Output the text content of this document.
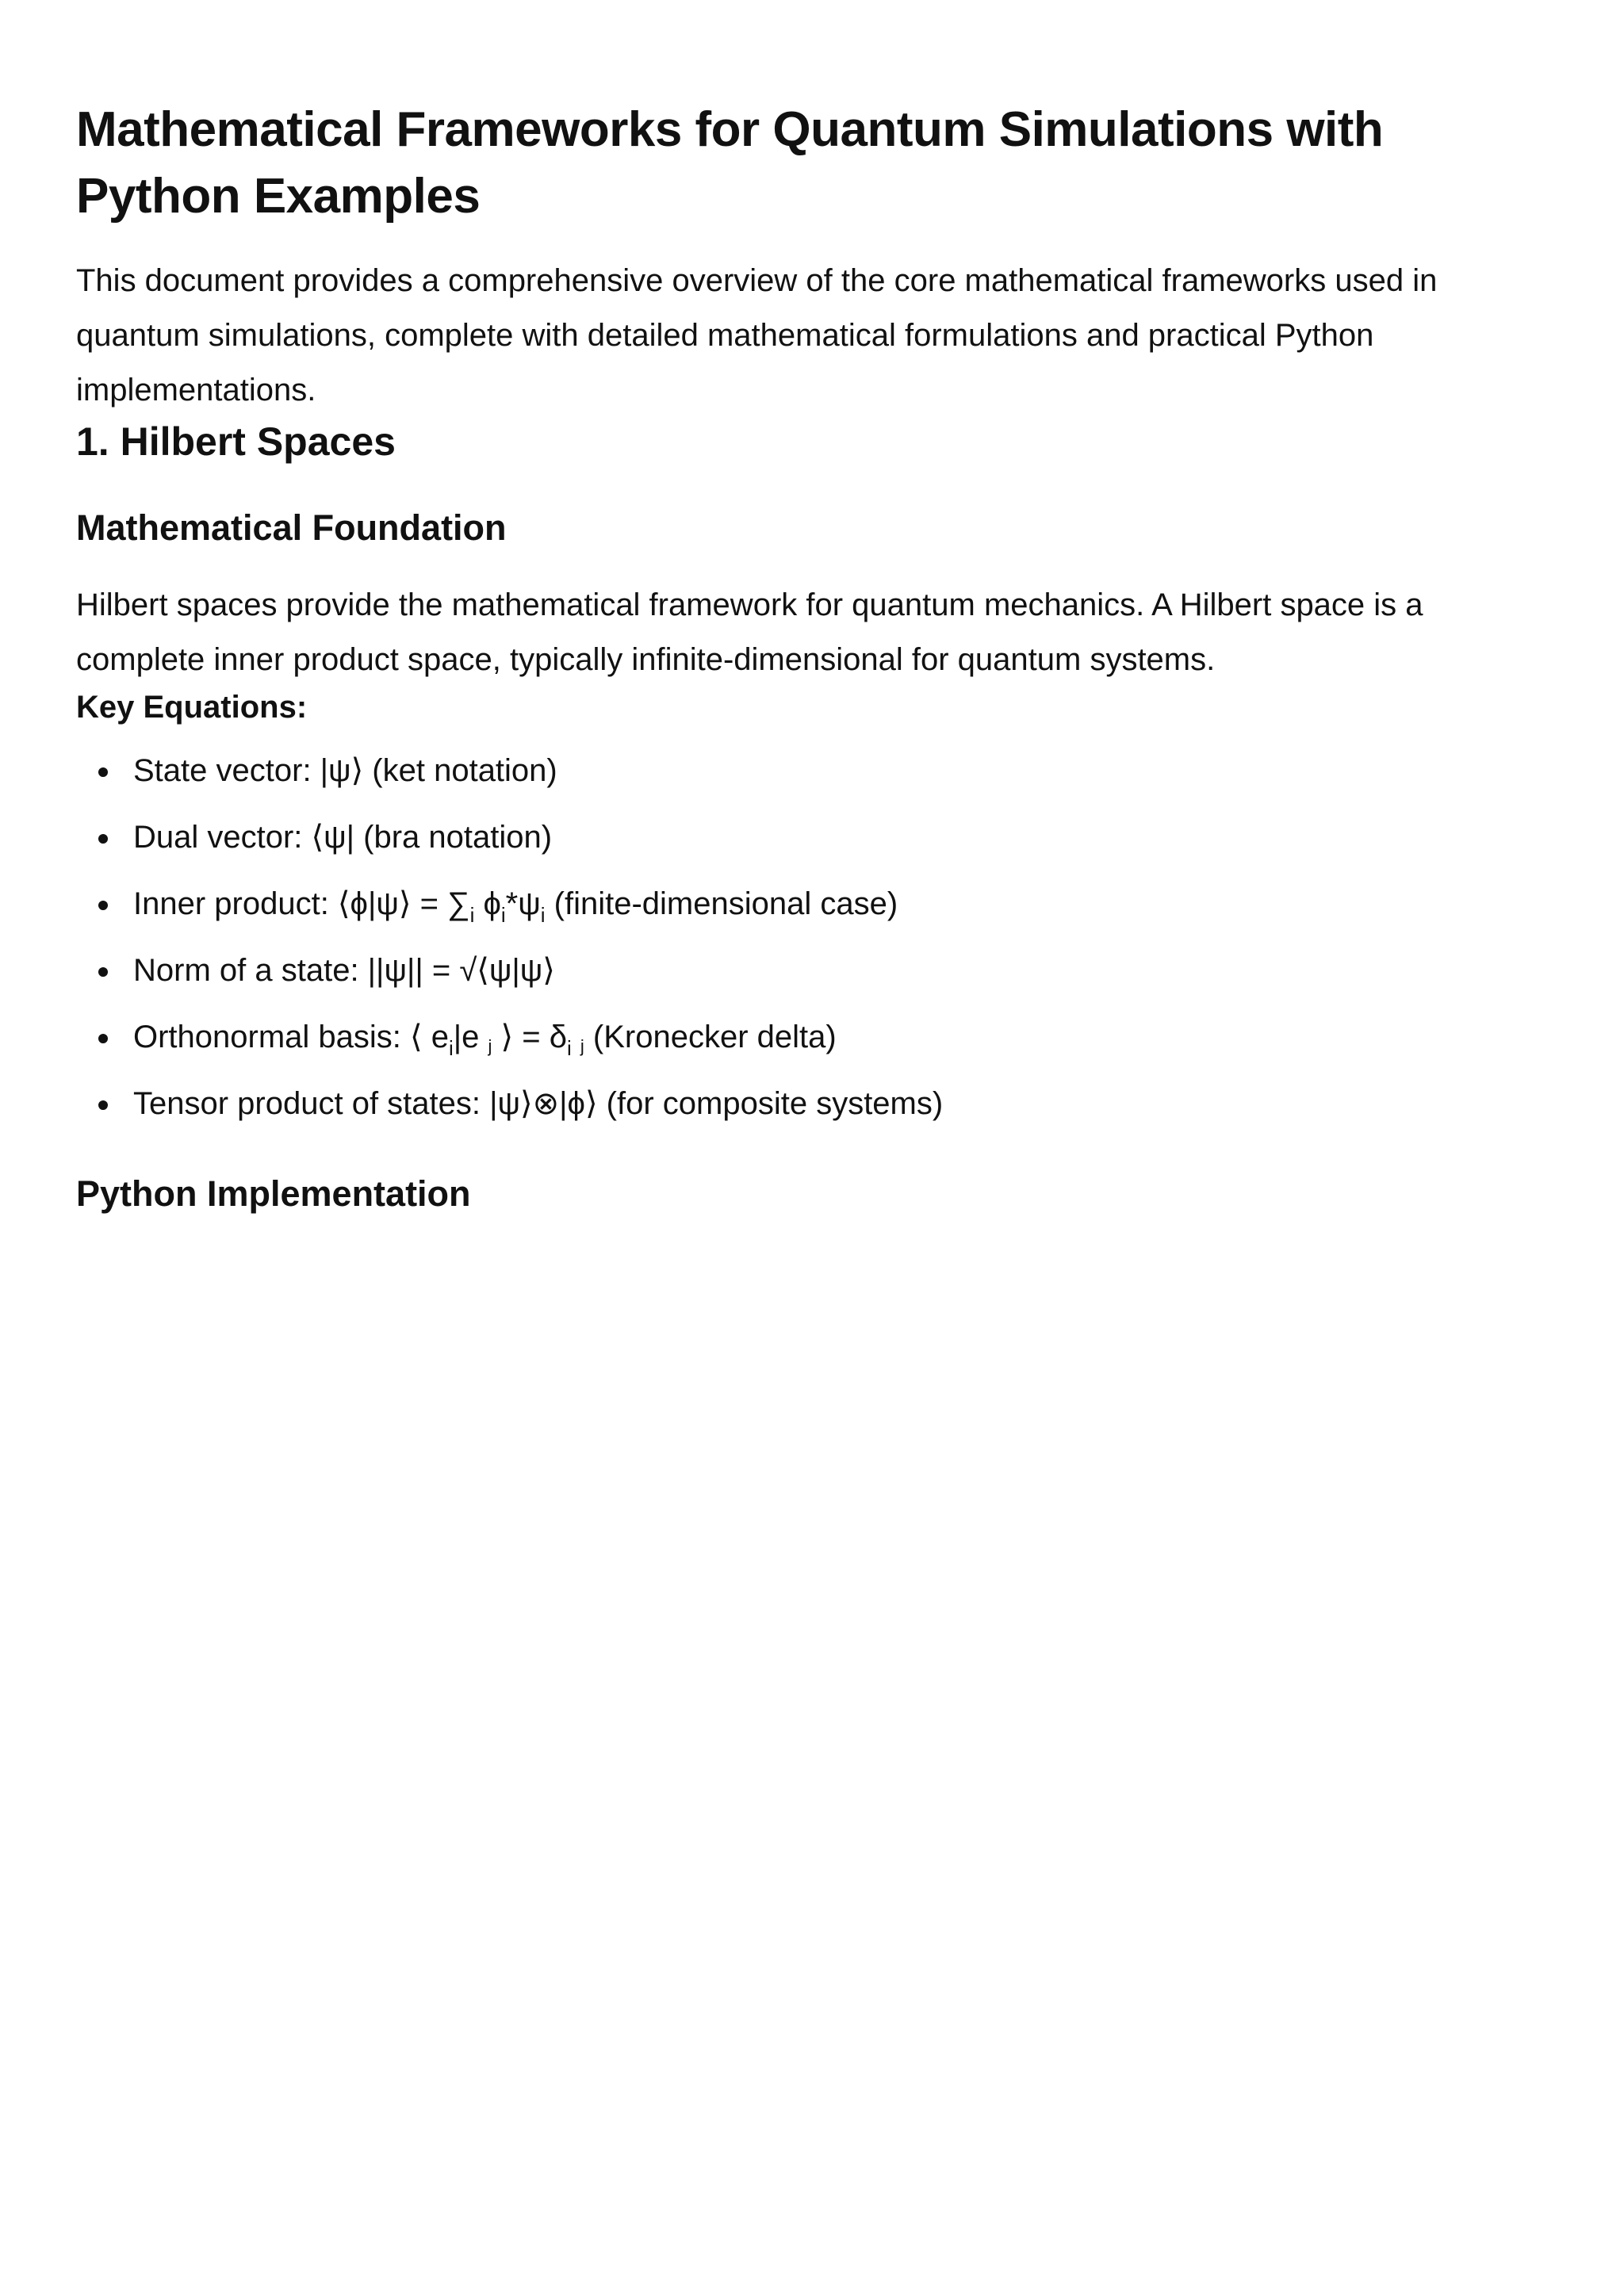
Mathematical Frameworks for Quantum Simulations with Python Examples

This document provides a comprehensive overview of the core mathematical frameworks used in quantum simulations, complete with detailed mathematical formulations and practical Python implementations.

1. Hilbert Spaces
Mathematical Foundation

Hilbert spaces provide the mathematical framework for quantum mechanics. A Hilbert space is a complete inner product space, typically infinite-dimensional for quantum systems.

Key Equations:
State vector: |ψ⟩ (ket notation)
Dual vector: ⟨ψ| (bra notation)
Inner product: ⟨ϕ|ψ⟩ = $\sum_i$ $\phi_i*\psi_i$ (finite-dimensional case)
Norm of a state: ||ψ|| = √⟨ψ|ψ⟩
Orthonormal basis: ⟨ $e_i|e$ $_j$ ⟩ = $\delta_i$ $_j$ (Kronecker delta)
Tensor product of states: |ψ⟩⊗|ϕ⟩ (for composite systems)
Python Implementation
